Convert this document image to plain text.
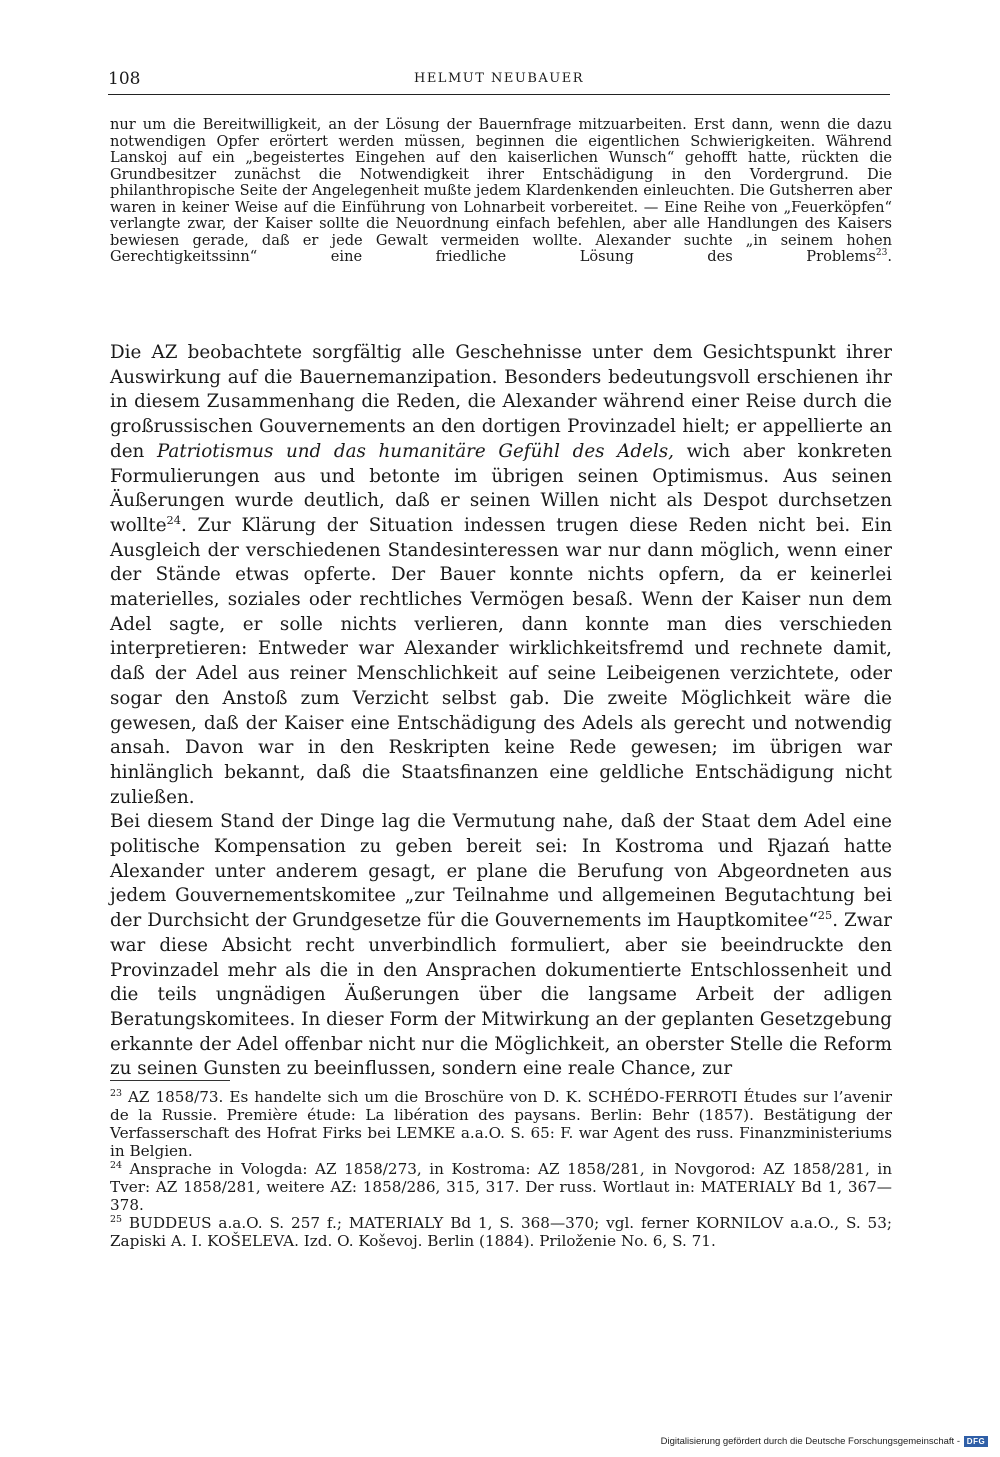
108	HELMUT NEUBAUER

nur um die Bereitwilligkeit, an der Lösung der Bauernfrage mitzuarbeiten. Erst dann, wenn die dazu notwendigen Opfer erörtert werden müssen, beginnen die eigentlichen Schwierigkeiten. Während Lanskoj auf ein „begeistertes Eingehen auf den kaiserlichen Wunsch“ gehofft hatte, rückten die Grundbesitzer zunächst die Notwendigkeit ihrer Entschädigung in den Vordergrund. Die philanthropische Seite der Angelegenheit mußte jedem Klardenkenden einleuchten. Die Gutsherren aber waren in keiner Weise auf die Einführung von Lohnarbeit vorbereitet. — Eine Reihe von „Feuerköpfen“ verlangte zwar, der Kaiser sollte die Neuordnung einfach befehlen, aber alle Handlungen des Kaisers bewiesen gerade, daß er jede Gewalt vermeiden wollte. Alexander suchte „in seinem hohen Gerechtigkeitssinn“ eine friedliche Lösung des Problems$^{23}$.

Die AZ beobachtete sorgfältig alle Geschehnisse unter dem Gesichtspunkt ihrer Auswirkung auf die Bauernemanzipation. Besonders bedeutungsvoll erschienen ihr in diesem Zusammenhang die Reden, die Alexander während einer Reise durch die großrussischen Gouvernements an den dortigen Provinzadel hielt; er appellierte an den Patriotismus und das humanitäre Gefühl des Adels, wich aber konkreten Formulierungen aus und betonte im übrigen seinen Optimismus. Aus seinen Äußerungen wurde deutlich, daß er seinen Willen nicht als Despot durchsetzen wollte$^{24}$. Zur Klärung der Situation indessen trugen diese Reden nicht bei. Ein Ausgleich der verschiedenen Standesinteressen war nur dann möglich, wenn einer der Stände etwas opferte. Der Bauer konnte nichts opfern, da er keinerlei materielles, soziales oder rechtliches Vermögen besaß. Wenn der Kaiser nun dem Adel sagte, er solle nichts verlieren, dann konnte man dies verschieden interpretieren: Entweder war Alexander wirklichkeitsfremd und rechnete damit, daß der Adel aus reiner Menschlichkeit auf seine Leibeigenen verzichtete, oder sogar den Anstoß zum Verzicht selbst gab. Die zweite Möglichkeit wäre die gewesen, daß der Kaiser eine Entschädigung des Adels als gerecht und notwendig ansah. Davon war in den Reskripten keine Rede gewesen; im übrigen war hinlänglich bekannt, daß die Staatsfinanzen eine geldliche Entschädigung nicht zuließen.

Bei diesem Stand der Dinge lag die Vermutung nahe, daß der Staat dem Adel eine politische Kompensation zu geben bereit sei: In Kostroma und Rjazań hatte Alexander unter anderem gesagt, er plane die Berufung von Abgeordneten aus jedem Gouvernementskomitee „zur Teilnahme und allgemeinen Begutachtung bei der Durchsicht der Grundgesetze für die Gouvernements im Hauptkomitee“$^{25}$. Zwar war diese Absicht recht unverbindlich formuliert, aber sie beeindruckte den Provinzadel mehr als die in den Ansprachen dokumentierte Entschlossenheit und die teils ungnädigen Äußerungen über die langsame Arbeit der adligen Beratungskomitees. In dieser Form der Mitwirkung an der geplanten Gesetzgebung erkannte der Adel offenbar nicht nur die Möglichkeit, an oberster Stelle die Reform zu seinen Gunsten zu beeinflussen, sondern eine reale Chance, zur

$^{23}$ AZ 1858/73. Es handelte sich um die Broschüre von D. K. SCHÉDO-FERROTI Études sur l’avenir de la Russie. Première étude: La libération des paysans. Berlin: Behr (1857). Bestätigung der Verfasserschaft des Hofrat Firks bei LEMKE a.a.O. S. 65: F. war Agent des russ. Finanzministeriums in Belgien.

$^{24}$ Ansprache in Vologda: AZ 1858/273, in Kostroma: AZ 1858/281, in Novgorod: AZ 1858/281, in Tver: AZ 1858/281, weitere AZ: 1858/286, 315, 317. Der russ. Wortlaut in: MATERIALY Bd 1, 367—378.

$^{25}$ BUDDEUS a.a.O. S. 257 f.; MATERIALY Bd 1, S. 368—370; vgl. ferner KORNILOV a.a.O., S. 53; Zapiski A. I. KOŠELEVA. Izd. O. Koševoj. Berlin (1884). Priloženie No. 6, S. 71.

Digitalisierung gefördert durch die Deutsche Forschungsgemeinschaft - DFG
